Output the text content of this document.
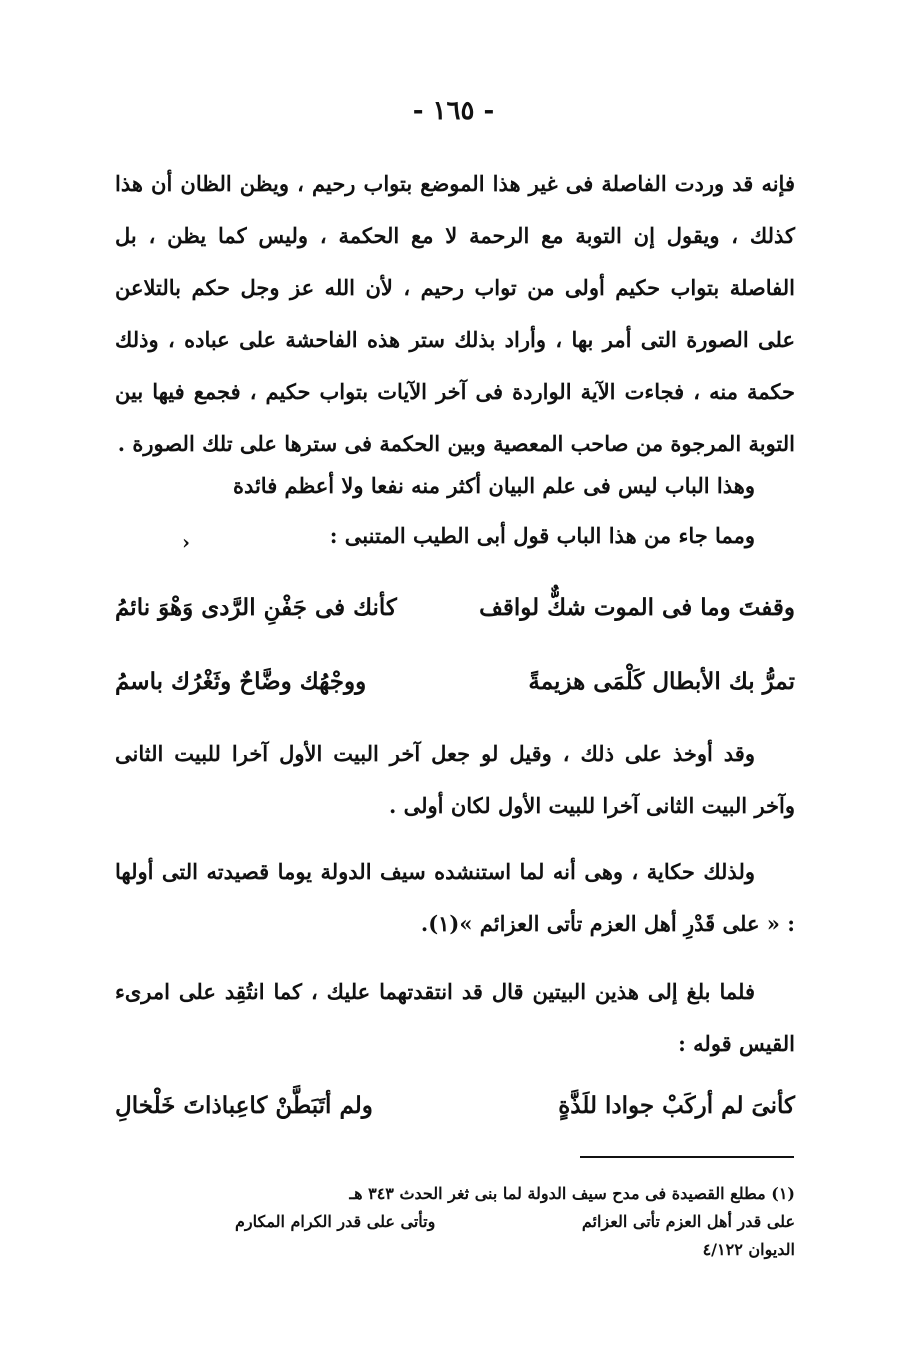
- ١٦٥ -

فإنه قد وردت الفاصلة فى غير هذا الموضع بتواب رحيم ، ويظن الظان أن هذا كذلك ، ويقول إن التوبة مع الرحمة لا مع الحكمة ، وليس كما يظن ، بل الفاصلة بتواب حكيم أولى من تواب رحيم ، لأن الله عز وجل حكم بالتلاعن على الصورة التى أمر بها ، وأراد بذلك ستر هذه الفاحشة على عباده ، وذلك حكمة منه ، فجاءت الآية الواردة فى آخر الآيات بتواب حكيم ، فجمع فيها بين التوبة المرجوة من صاحب المعصية وبين الحكمة فى سترها على تلك الصورة .

وهذا الباب ليس فى علم البيان أكثر منه نفعا ولا أعظم فائدة

ومما جاء من هذا الباب قول أبى الطيب المتنبى :

›
وقفتَ وما فى الموت شكٌّ لواقف
كأنك فى جَفْنِ الرَّدى وَهْوَ نائمُ
تمرُّ بك الأبطال كَلْمَى هزيمةً
ووجْهُك وضَّاحٌ وثَغْرُك باسمُ

وقد أوخذ على ذلك ، وقيل لو جعل آخر البيت الأول آخرا للبيت الثانى وآخر البيت الثانى آخرا للبيت الأول لكان أولى .

ولذلك حكاية ، وهى أنه لما استنشده سيف الدولة يوما قصيدته التى أولها : « على قَدْرِ أهل العزم تأتى العزائم »(١).

فلما بلغ إلى هذين البيتين قال قد انتقدتهما عليك ، كما انتُقِد على امرىء القيس قوله :

كأنىَ لم أركَبْ جوادا للَذَّةٍ
ولم أتَبَطَّنْ كاعِباذاتَ خَلْخالِ
(١) مطلع القصيدة فى مدح سيف الدولة لما بنى ثغر الحدث ٣٤٣ هـ
على قدر أهل العزم تأتى العزائم
وتأتى على قدر الكرام المكارم
الديوان ٤/١٢٢
